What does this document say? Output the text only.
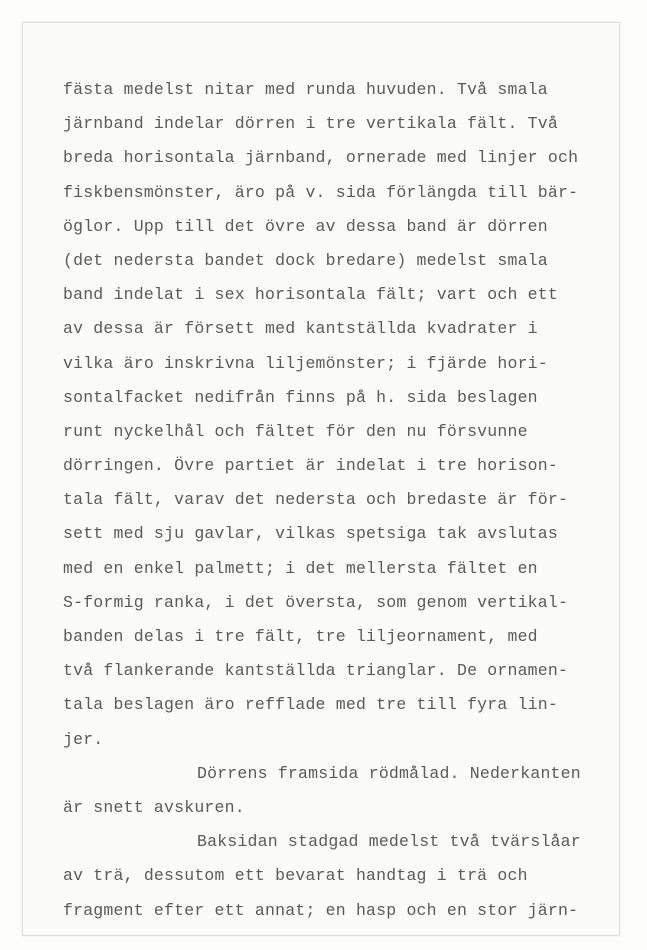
fästa medelst nitar med runda huvuden. Två smala
järnband indelar dörren i tre vertikala fält. Två
breda horisontala järnband, ornerade med linjer och
fiskbensmönster, äro på v. sida förlängda till bär-
öglor. Upp till det övre av dessa band är dörren
(det nedersta bandet dock bredare) medelst smala
band indelat i sex horisontala fält; vart och ett
av dessa är försett med kantställda kvadrater i
vilka äro inskrivna liljemönster; i fjärde hori-
sontalfacket nedifrån finns på h. sida beslagen
runt nyckelhål och fältet för den nu försvunne
dörringen. Övre partiet är indelat i tre horison-
tala fält, varav det nedersta och bredaste är för-
sett med sju gavlar, vilkas spetsiga tak avslutas
med en enkel palmett; i det mellersta fältet en
S-formig ranka, i det översta, som genom vertikal-
banden delas i tre fält, tre liljeornament, med
två flankerande kantställda trianglar. De ornamen-
tala beslagen äro refflade med tre till fyra lin-
jer.
Dörrens framsida rödmålad. Nederkanten
är snett avskuren.
Baksidan stadgad medelst två tvärslåar
av trä, dessutom ett bevarat handtag i trä och
fragment efter ett annat; en hasp och en stor järn-
